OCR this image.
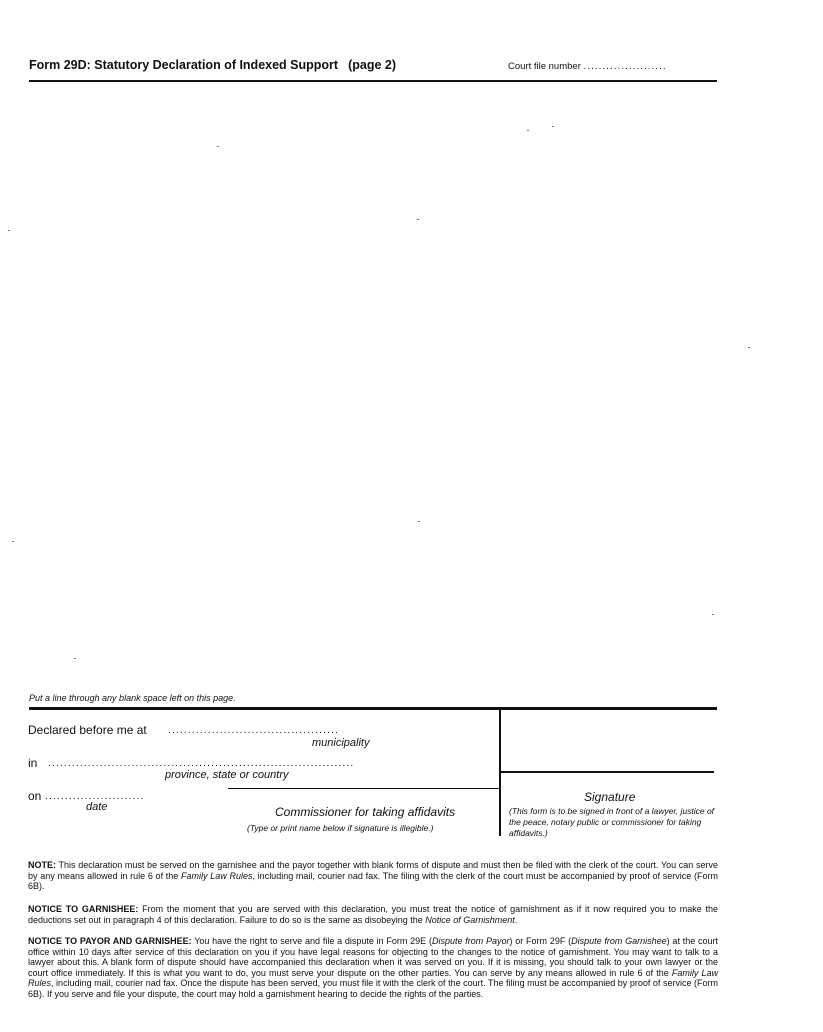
Form 29D: Statutory Declaration of Indexed Support (page 2)	Court file number ......................
Put a line through any blank space left on this page.
Declared before me at ...........................................
municipality
in .............................................................................
province, state or country
on .........................
date	Commissioner for taking affidavits
(Type or print name below if signature is illegible.)
Signature
(This form is to be signed in front of a lawyer, justice of the peace, notary public or commissioner for taking affidavits.)
NOTE: This declaration must be served on the garnishee and the payor together with blank forms of dispute and must then be filed with the clerk of the court. You can serve by any means allowed in rule 6 of the Family Law Rules, including mail, courier nad fax. The filing with the clerk of the court must be accompanied by proof of service (Form 6B).
NOTICE TO GARNISHEE: From the moment that you are served with this declaration, you must treat the notice of garnishment as if it now required you to make the deductions set out in paragraph 4 of this declaration. Failure to do so is the same as disobeying the Notice of Garnishment.
NOTICE TO PAYOR AND GARNISHEE: You have the right to serve and file a dispute in Form 29E (Dispute from Payor) or Form 29F (Dispute from Garnishee) at the court office within 10 days after service of this declaration on you if you have legal reasons for objecting to the changes to the notice of garnishment. You may want to talk to a lawyer about this. A blank form of dispute should have accompanied this declaration when it was served on you. If it is missing, you should talk to your own lawyer or the court office immediately. If this is what you want to do, you must serve your dispute on the other parties. You can serve by any means allowed in rule 6 of the Family Law Rules, including mail, courier nad fax. Once the dispute has been served, you must file it with the clerk of the court. The filing must be accompanied by proof of service (Form 6B). If you serve and file your dispute, the court may hold a garnishment hearing to decide the rights of the parties.
